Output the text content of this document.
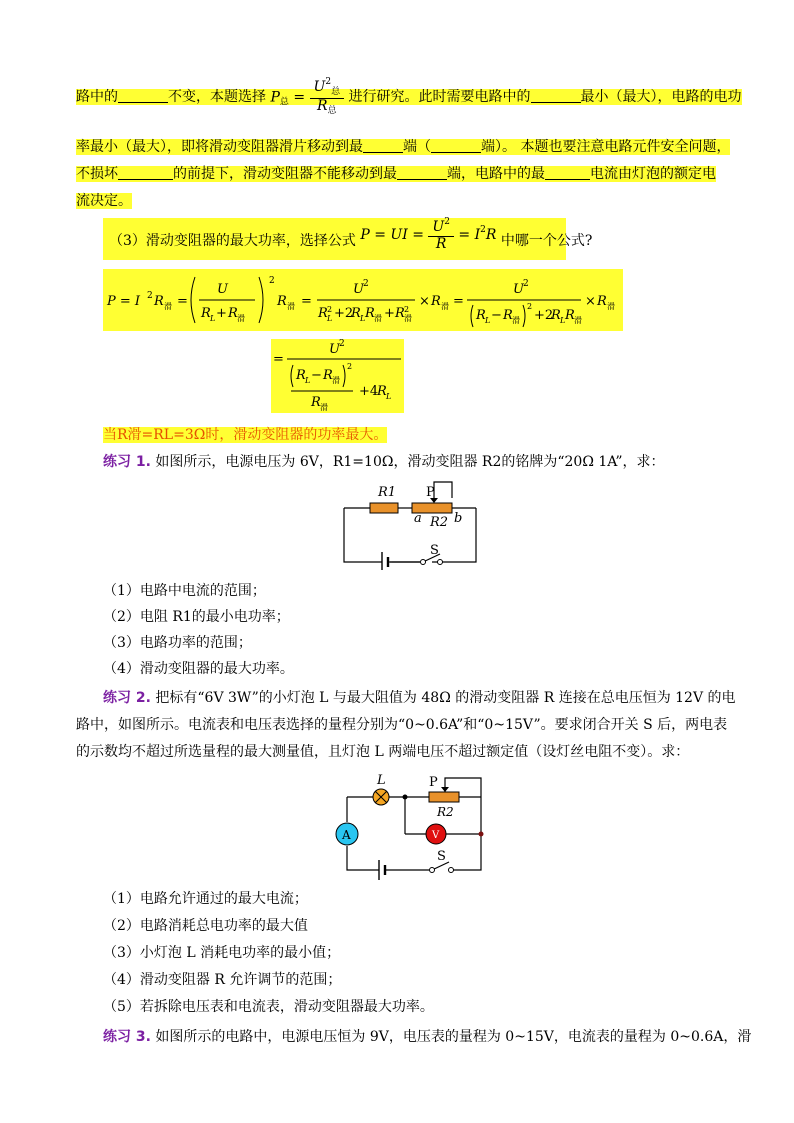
路中的	不变，本题选择 $P_总 = \frac{U^2_总}{R_总}$ 进行研究。此时需要电路中的	最小（最大），电路的电功
率最小（最大），即将滑动变阻器滑片移动到最	端（	端）。 本题也要注意电路元件安全问题，
不损坏	的前提下，滑动变阻器不能移动到最	端，电路中的最	电流由灯泡的额定电
流决定。
（3）滑动变阻器的最大功率，选择公式 P = UI = $\frac{U^2}{R} = I^2R$ 中哪一个公式?
P = I 2 R 滑 =
U
R L + R 滑
2
R 滑 =
U 2
R 2
L +2
R L R 滑 + R 2
滑
× R 滑 =
U 2
R L − R 滑
2
+2
R L R 滑
× R 滑
=
U 2
R L − R 滑
2
R 滑
+4
R L
当R滑=RL=3Ω时，滑动变阻器的功率最大。
练习 1. 如图所示，电源电压为 6V，R1=10Ω，滑动变阻器 R2的铭牌为“20Ω 1A”，求：
R1 P
a R2 b
S
（1）电路中电流的范围；
（2）电阻 R1的最小电功率；
（3）电路功率的范围；
（4）滑动变阻器的最大功率。
练习 2. 把标有“6V 3W”的小灯泡 L 与最大阻值为 48Ω 的滑动变阻器 R 连接在总电压恒为 12V 的电
路中，如图所示。电流表和电压表选择的量程分别为“0~0.6A”和“0~15V”。要求闭合开关 S 后，两电表
的示数均不超过所选量程的最大测量值，且灯泡 L 两端电压不超过额定值（设灯丝电阻不变）。求：
L	P
R2
A	V
S
（1）电路允许通过的最大电流；
（2）电路消耗总电功率的最大值
（3）小灯泡 L 消耗电功率的最小值；
（4）滑动变阻器 R 允许调节的范围；
（5）若拆除电压表和电流表，滑动变阻器最大功率。
练习 3. 如图所示的电路中，电源电压恒为 9V，电压表的量程为 0~15V，电流表的量程为 0~0.6A，滑
